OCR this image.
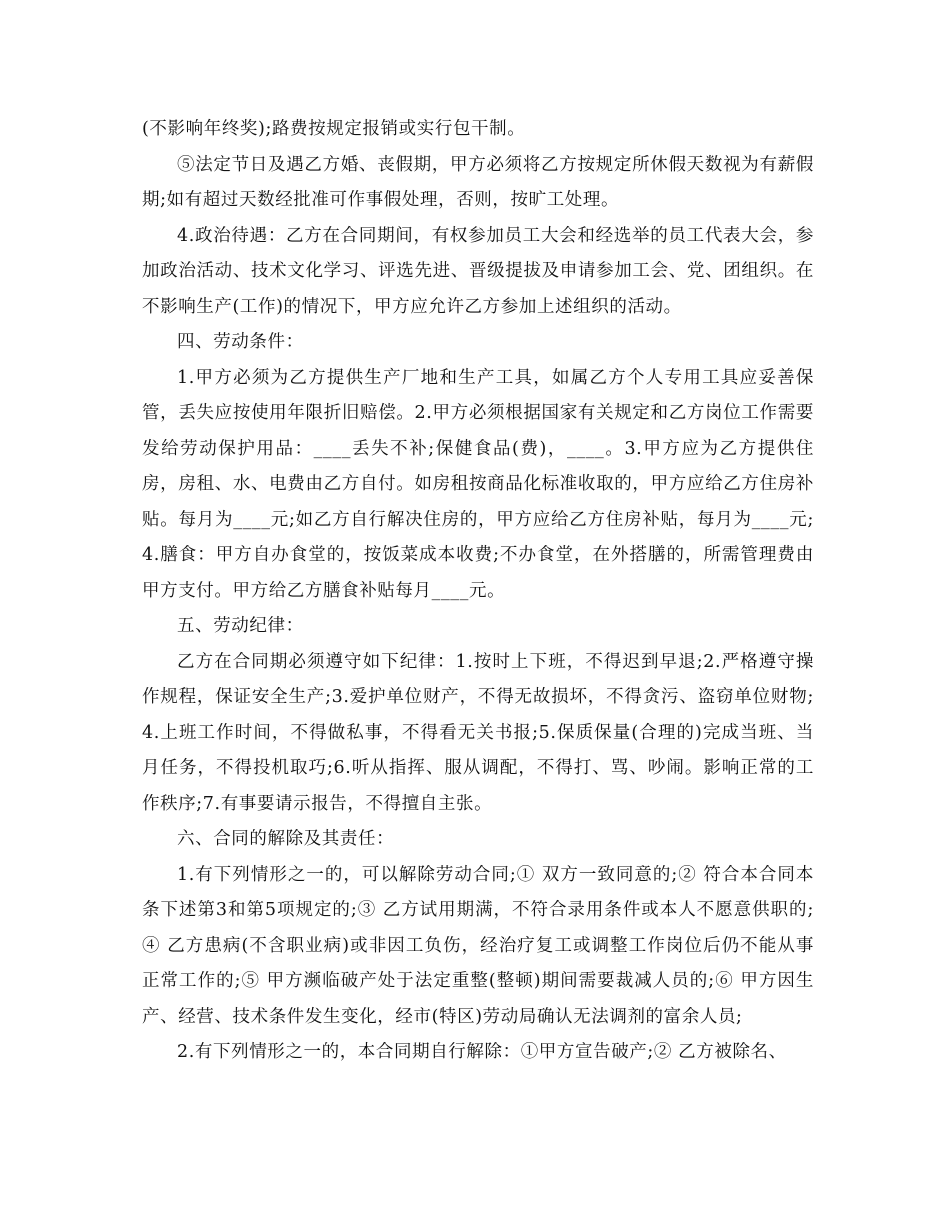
(不影响年终奖);路费按规定报销或实行包干制。

⑤法定节日及遇乙方婚、丧假期，甲方必须将乙方按规定所休假天数视为有薪假期;如有超过天数经批准可作事假处理，否则，按旷工处理。

4.政治待遇：乙方在合同期间，有权参加员工大会和经选举的员工代表大会，参加政治活动、技术文化学习、评选先进、晋级提拔及申请参加工会、党、团组织。在不影响生产(工作)的情况下，甲方应允许乙方参加上述组织的活动。

四、劳动条件：

1.甲方必须为乙方提供生产厂地和生产工具，如属乙方个人专用工具应妥善保管，丢失应按使用年限折旧赔偿。2.甲方必须根据国家有关规定和乙方岗位工作需要发给劳动保护用品：____丢失不补;保健食品(费)，____。3.甲方应为乙方提供住房，房租、水、电费由乙方自付。如房租按商品化标准收取的，甲方应给乙方住房补贴。每月为____元;如乙方自行解决住房的，甲方应给乙方住房补贴，每月为____元;4.膳食：甲方自办食堂的，按饭菜成本收费;不办食堂，在外搭膳的，所需管理费由甲方支付。甲方给乙方膳食补贴每月____元。

五、劳动纪律：

乙方在合同期必须遵守如下纪律：1.按时上下班，不得迟到早退;2.严格遵守操作规程，保证安全生产;3.爱护单位财产，不得无故损坏，不得贪污、盗窃单位财物;4.上班工作时间，不得做私事，不得看无关书报;5.保质保量(合理的)完成当班、当月任务，不得投机取巧;6.听从指挥、服从调配，不得打、骂、吵闹。影响正常的工作秩序;7.有事要请示报告，不得擅自主张。

六、合同的解除及其责任：

1.有下列情形之一的，可以解除劳动合同;① 双方一致同意的;② 符合本合同本条下述第3和第5项规定的;③ 乙方试用期满，不符合录用条件或本人不愿意供职的;④ 乙方患病(不含职业病)或非因工负伤，经治疗复工或调整工作岗位后仍不能从事正常工作的;⑤ 甲方濒临破产处于法定重整(整顿)期间需要裁减人员的;⑥ 甲方因生产、经营、技术条件发生变化，经市(特区)劳动局确认无法调剂的富余人员;

2.有下列情形之一的，本合同期自行解除：①甲方宣告破产;② 乙方被除名、
